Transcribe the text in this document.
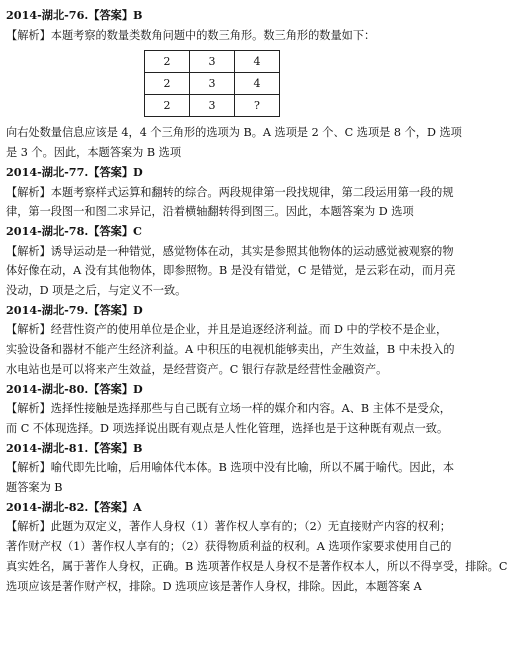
2014-湖北-76.【答案】B
【解析】本题考察的数量类数角问题中的数三角形。数三角形的数量如下：
2	3	4
2	3	4
2	3	?
向右处数量信息应该是 4，4 个三角形的选项为 B。A 选项是 2 个、C 选项是 8 个，D 选项
是 3 个。因此，本题答案为 B 选项
2014-湖北-77.【答案】D
【解析】本题考察样式运算和翻转的综合。两段规律第一段找规律，第二段运用第一段的规
律，第一段图一和图二求异记，沿着横轴翻转得到图三。因此，本题答案为 D 选项
2014-湖北-78.【答案】C
【解析】诱导运动是一种错觉，感觉物体在动，其实是参照其他物体的运动感觉被观察的物
体好像在动，A 没有其他物体，即参照物。B 是没有错觉，C 是错觉，是云彩在动，而月亮
没动，D 项是之后，与定义不一致。
2014-湖北-79.【答案】D
【解析】经营性资产的使用单位是企业，并且是追逐经济利益。而 D 中的学校不是企业，
实验设备和器材不能产生经济利益。A 中积压的电视机能够卖出，产生效益，B 中未投入的
水电站也是可以将来产生效益，是经营资产。C 银行存款是经营性金融资产。
2014-湖北-80.【答案】D
【解析】选择性接触是选择那些与自己既有立场一样的媒介和内容。A、B 主体不是受众，
而 C 不体现选择。D 项选择说出既有观点是人性化管理，选择也是于这种既有观点一致。
2014-湖北-81.【答案】B
【解析】喻代即先比喻，后用喻体代本体。B 选项中没有比喻，所以不属于喻代。因此，本
题答案为 B
2014-湖北-82.【答案】A
【解析】此题为双定义，著作人身权（1）著作权人享有的；（2）无直接财产内容的权利；
著作财产权（1）著作权人享有的；（2）获得物质利益的权利。A 选项作家要求使用自己的
真实姓名，属于著作人身权，正确。B 选项著作权是人身权不是著作权本人，所以不得享受，排除。C
选项应该是著作财产权，排除。D 选项应该是著作人身权，排除。因此，本题答案 A
